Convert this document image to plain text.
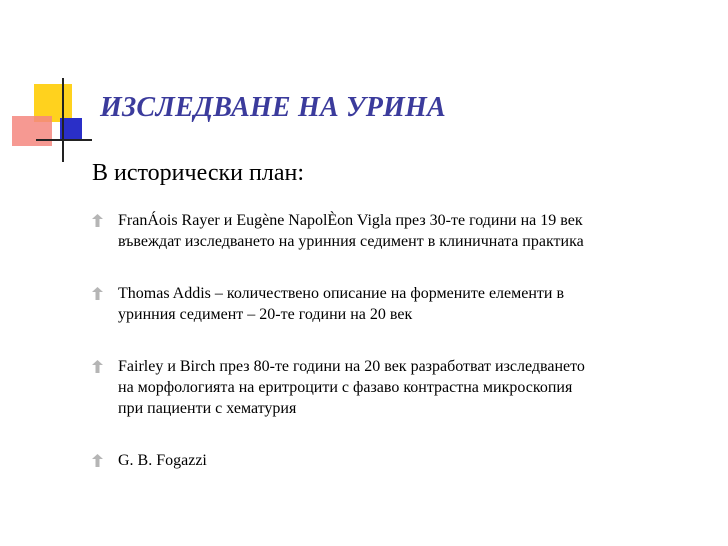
ИЗСЛЕДВАНЕ НА УРИНА
В исторически план:
FranÁois Rayer и Eugène NapolÈon Vigla през 30-те години на 19 век
въвеждат изследването на уринния седимент в клиничната практика
Thomas Addis – количествено описание на формените елементи в
уринния седимент – 20-те години на 20 век
Fairley и Birch през 80-те години на 20 век разработват изследването
на морфологията на еритроцити с фазаво контрастна микроскопия
при пациенти с хематурия
G. B. Fogazzi
